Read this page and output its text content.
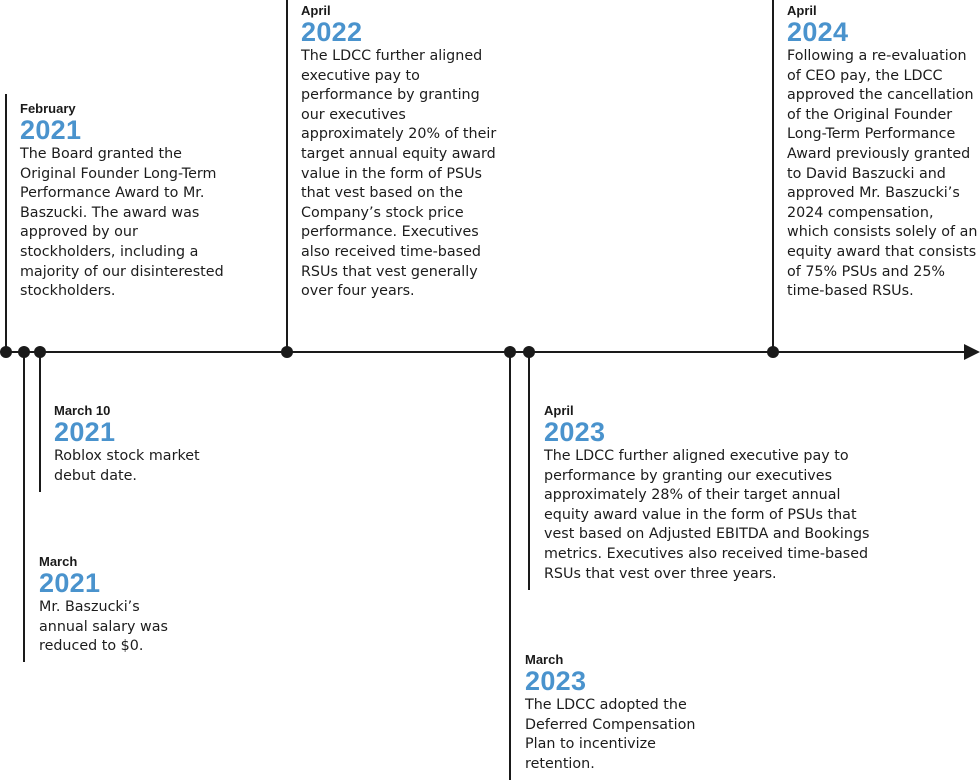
February
2021
The Board granted the Original Founder Long-Term Performance Award to Mr. Baszucki. The award was approved by our stockholders, including a majority of our disinterested stockholders.
March 10
2021
Roblox stock market debut date.
March
2021
Mr. Baszucki’s annual salary was reduced to $0.
April
2022
The LDCC further aligned executive pay to performance by granting our executives approximately 20% of their target annual equity award value in the form of PSUs that vest based on the Company’s stock price performance. Executives also received time-based RSUs that vest generally over four years.
March
2023
The LDCC adopted the Deferred Compensation Plan to incentivize retention.
April
2023
The LDCC further aligned executive pay to performance by granting our executives approximately 28% of their target annual equity award value in the form of PSUs that vest based on Adjusted EBITDA and Bookings metrics. Executives also received time-based RSUs that vest over three years.
April
2024
Following a re-evaluation of CEO pay, the LDCC approved the cancellation of the Original Founder Long-Term Performance Award previously granted to David Baszucki and approved Mr. Baszucki’s 2024 compensation, which consists solely of an equity award that consists of 75% PSUs and 25% time-based RSUs.
